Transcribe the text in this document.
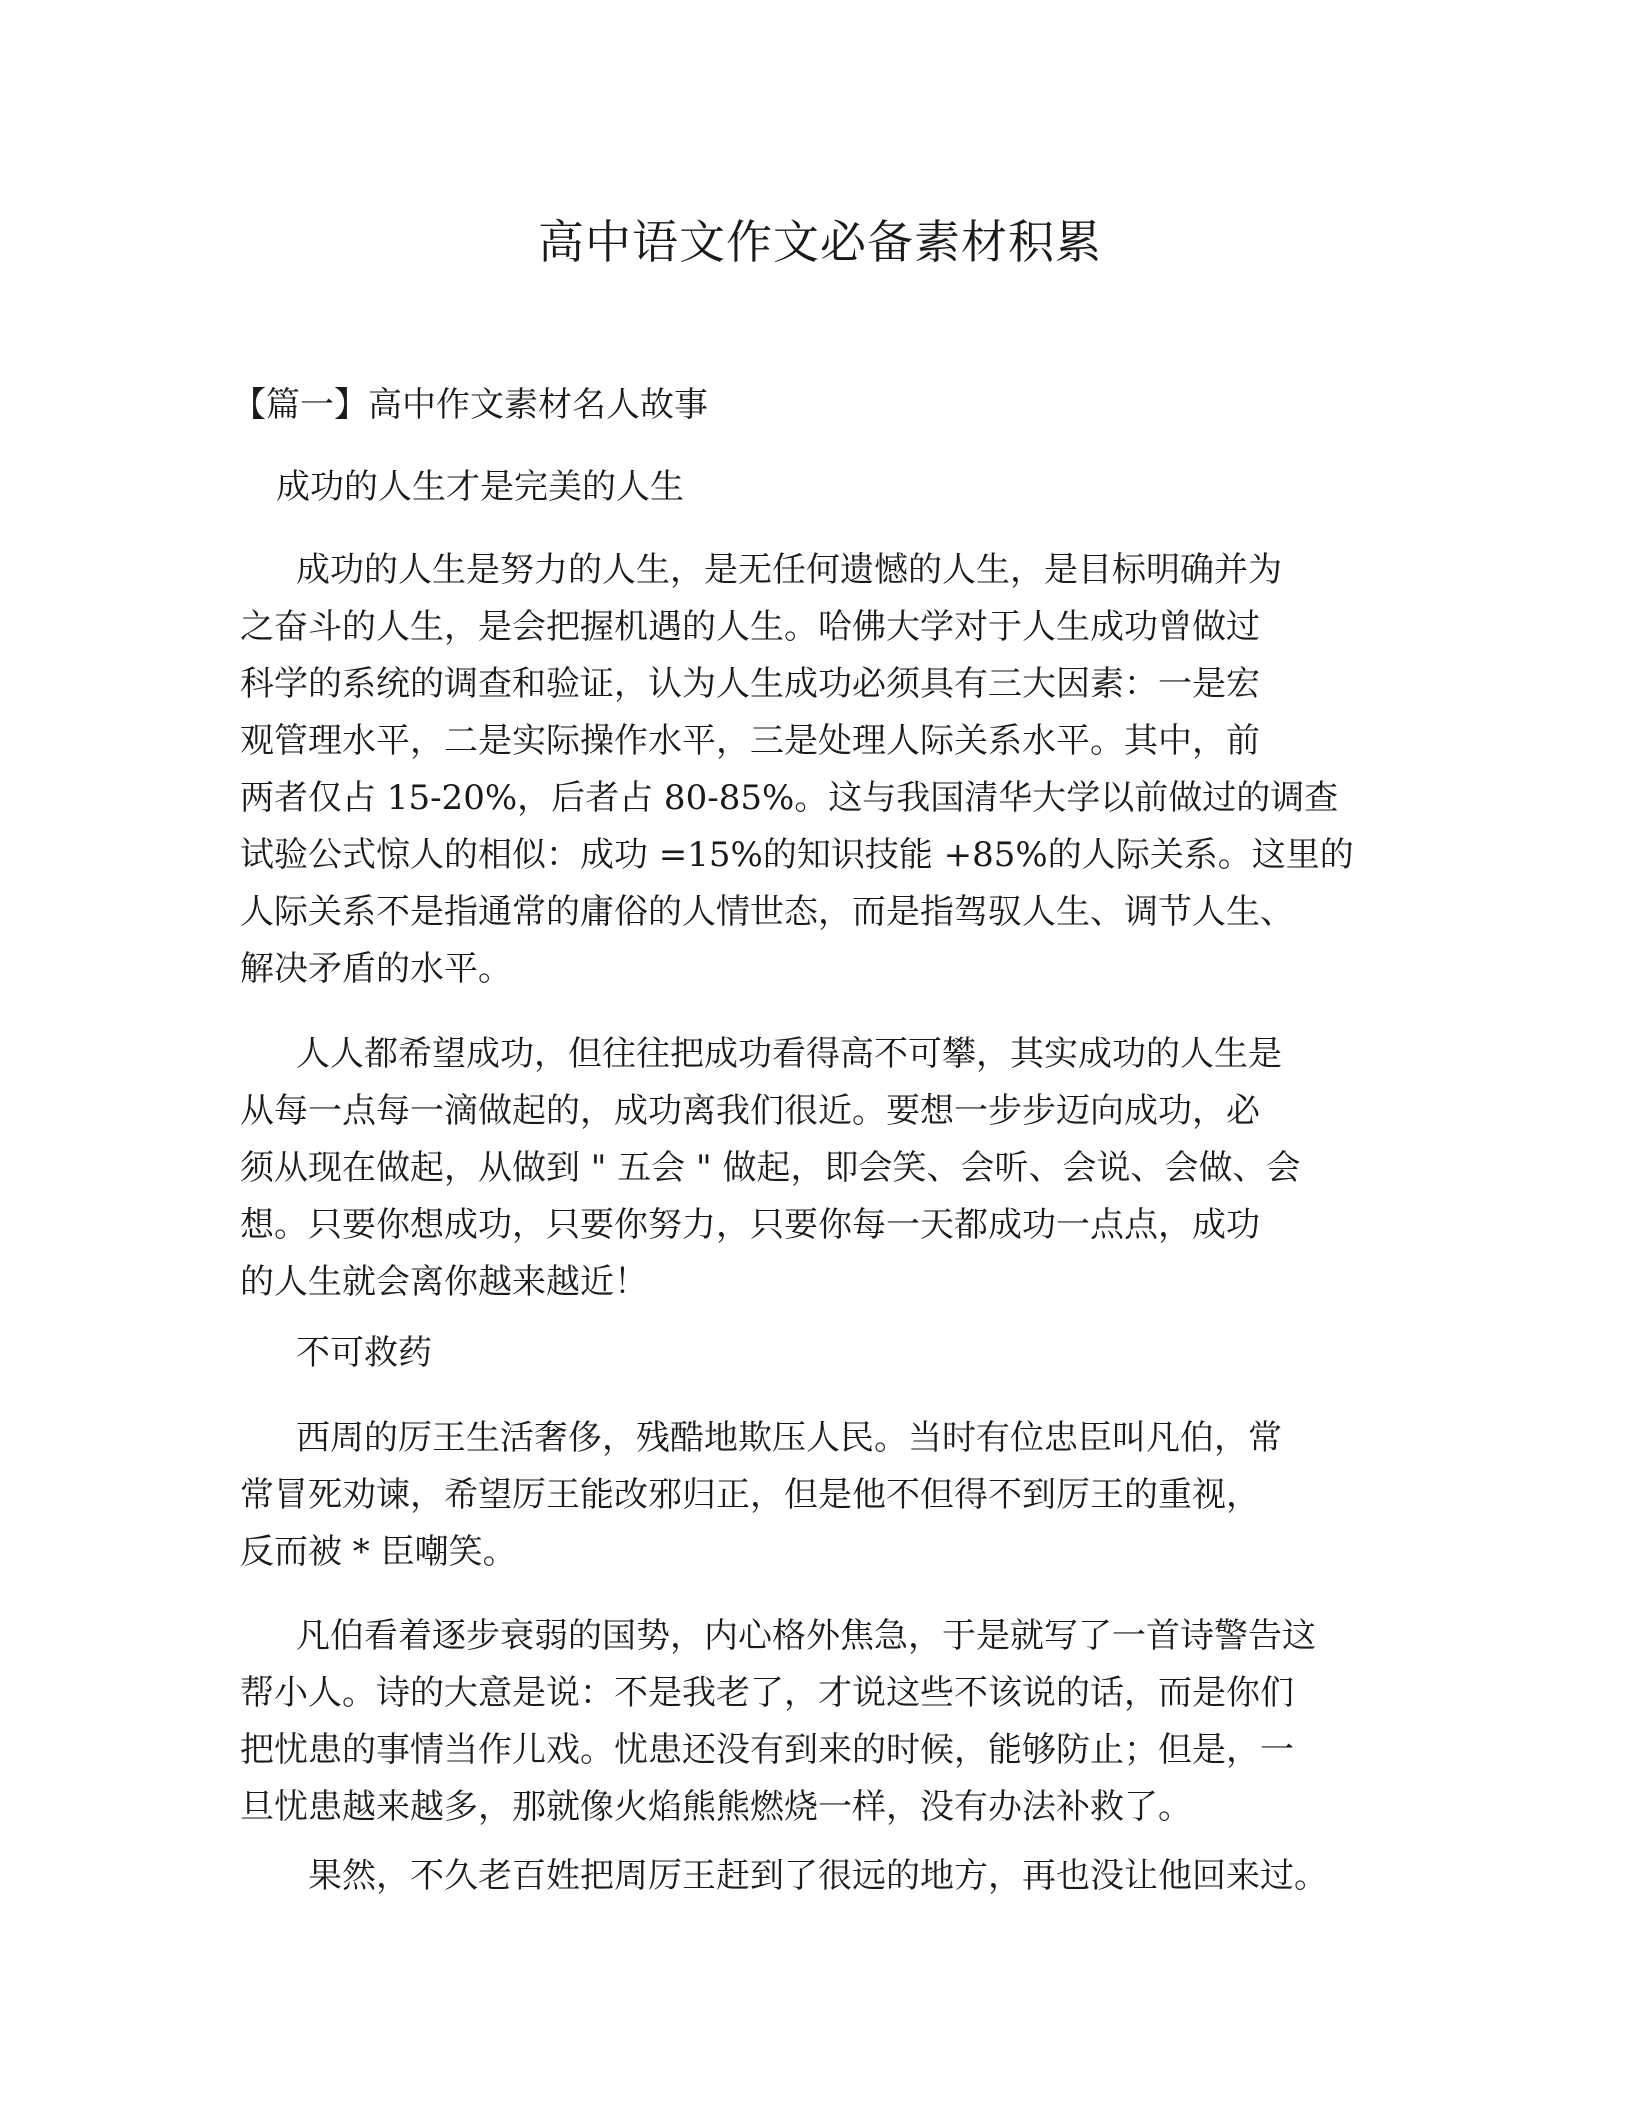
高中语文作文必备素材积累
【篇一】高中作文素材名人故事
成功的人生才是完美的人生

成功的人生是努力的人生，是无任何遗憾的人生，是目标明确并为
之奋斗的人生，是会把握机遇的人生。哈佛大学对于人生成功曾做过
科学的系统的调查和验证，认为人生成功必须具有三大因素：一是宏
观管理水平，二是实际操作水平，三是处理人际关系水平。其中，前
两者仅占 15-20%，后者占 80-85%。这与我国清华大学以前做过的调查
试验公式惊人的相似：成功 =15%的知识技能 +85%的人际关系。这里的
人际关系不是指通常的庸俗的人情世态，而是指驾驭人生、调节人生、
解决矛盾的水平。

人人都希望成功，但往往把成功看得高不可攀，其实成功的人生是
从每一点每一滴做起的，成功离我们很近。要想一步步迈向成功，必
须从现在做起，从做到 " 五会 " 做起，即会笑、会听、会说、会做、会
想。只要你想成功，只要你努力，只要你每一天都成功一点点，成功
的人生就会离你越来越近！

不可救药

西周的厉王生活奢侈，残酷地欺压人民。当时有位忠臣叫凡伯，常
常冒死劝谏，希望厉王能改邪归正，但是他不但得不到厉王的重视，
反而被 * 臣嘲笑。

凡伯看着逐步衰弱的国势，内心格外焦急，于是就写了一首诗警告这
帮小人。诗的大意是说：不是我老了，才说这些不该说的话，而是你们
把忧患的事情当作儿戏。忧患还没有到来的时候，能够防止；但是，一
旦忧患越来越多，那就像火焰熊熊燃烧一样，没有办法补救了。

果然，不久老百姓把周厉王赶到了很远的地方，再也没让他回来过。
